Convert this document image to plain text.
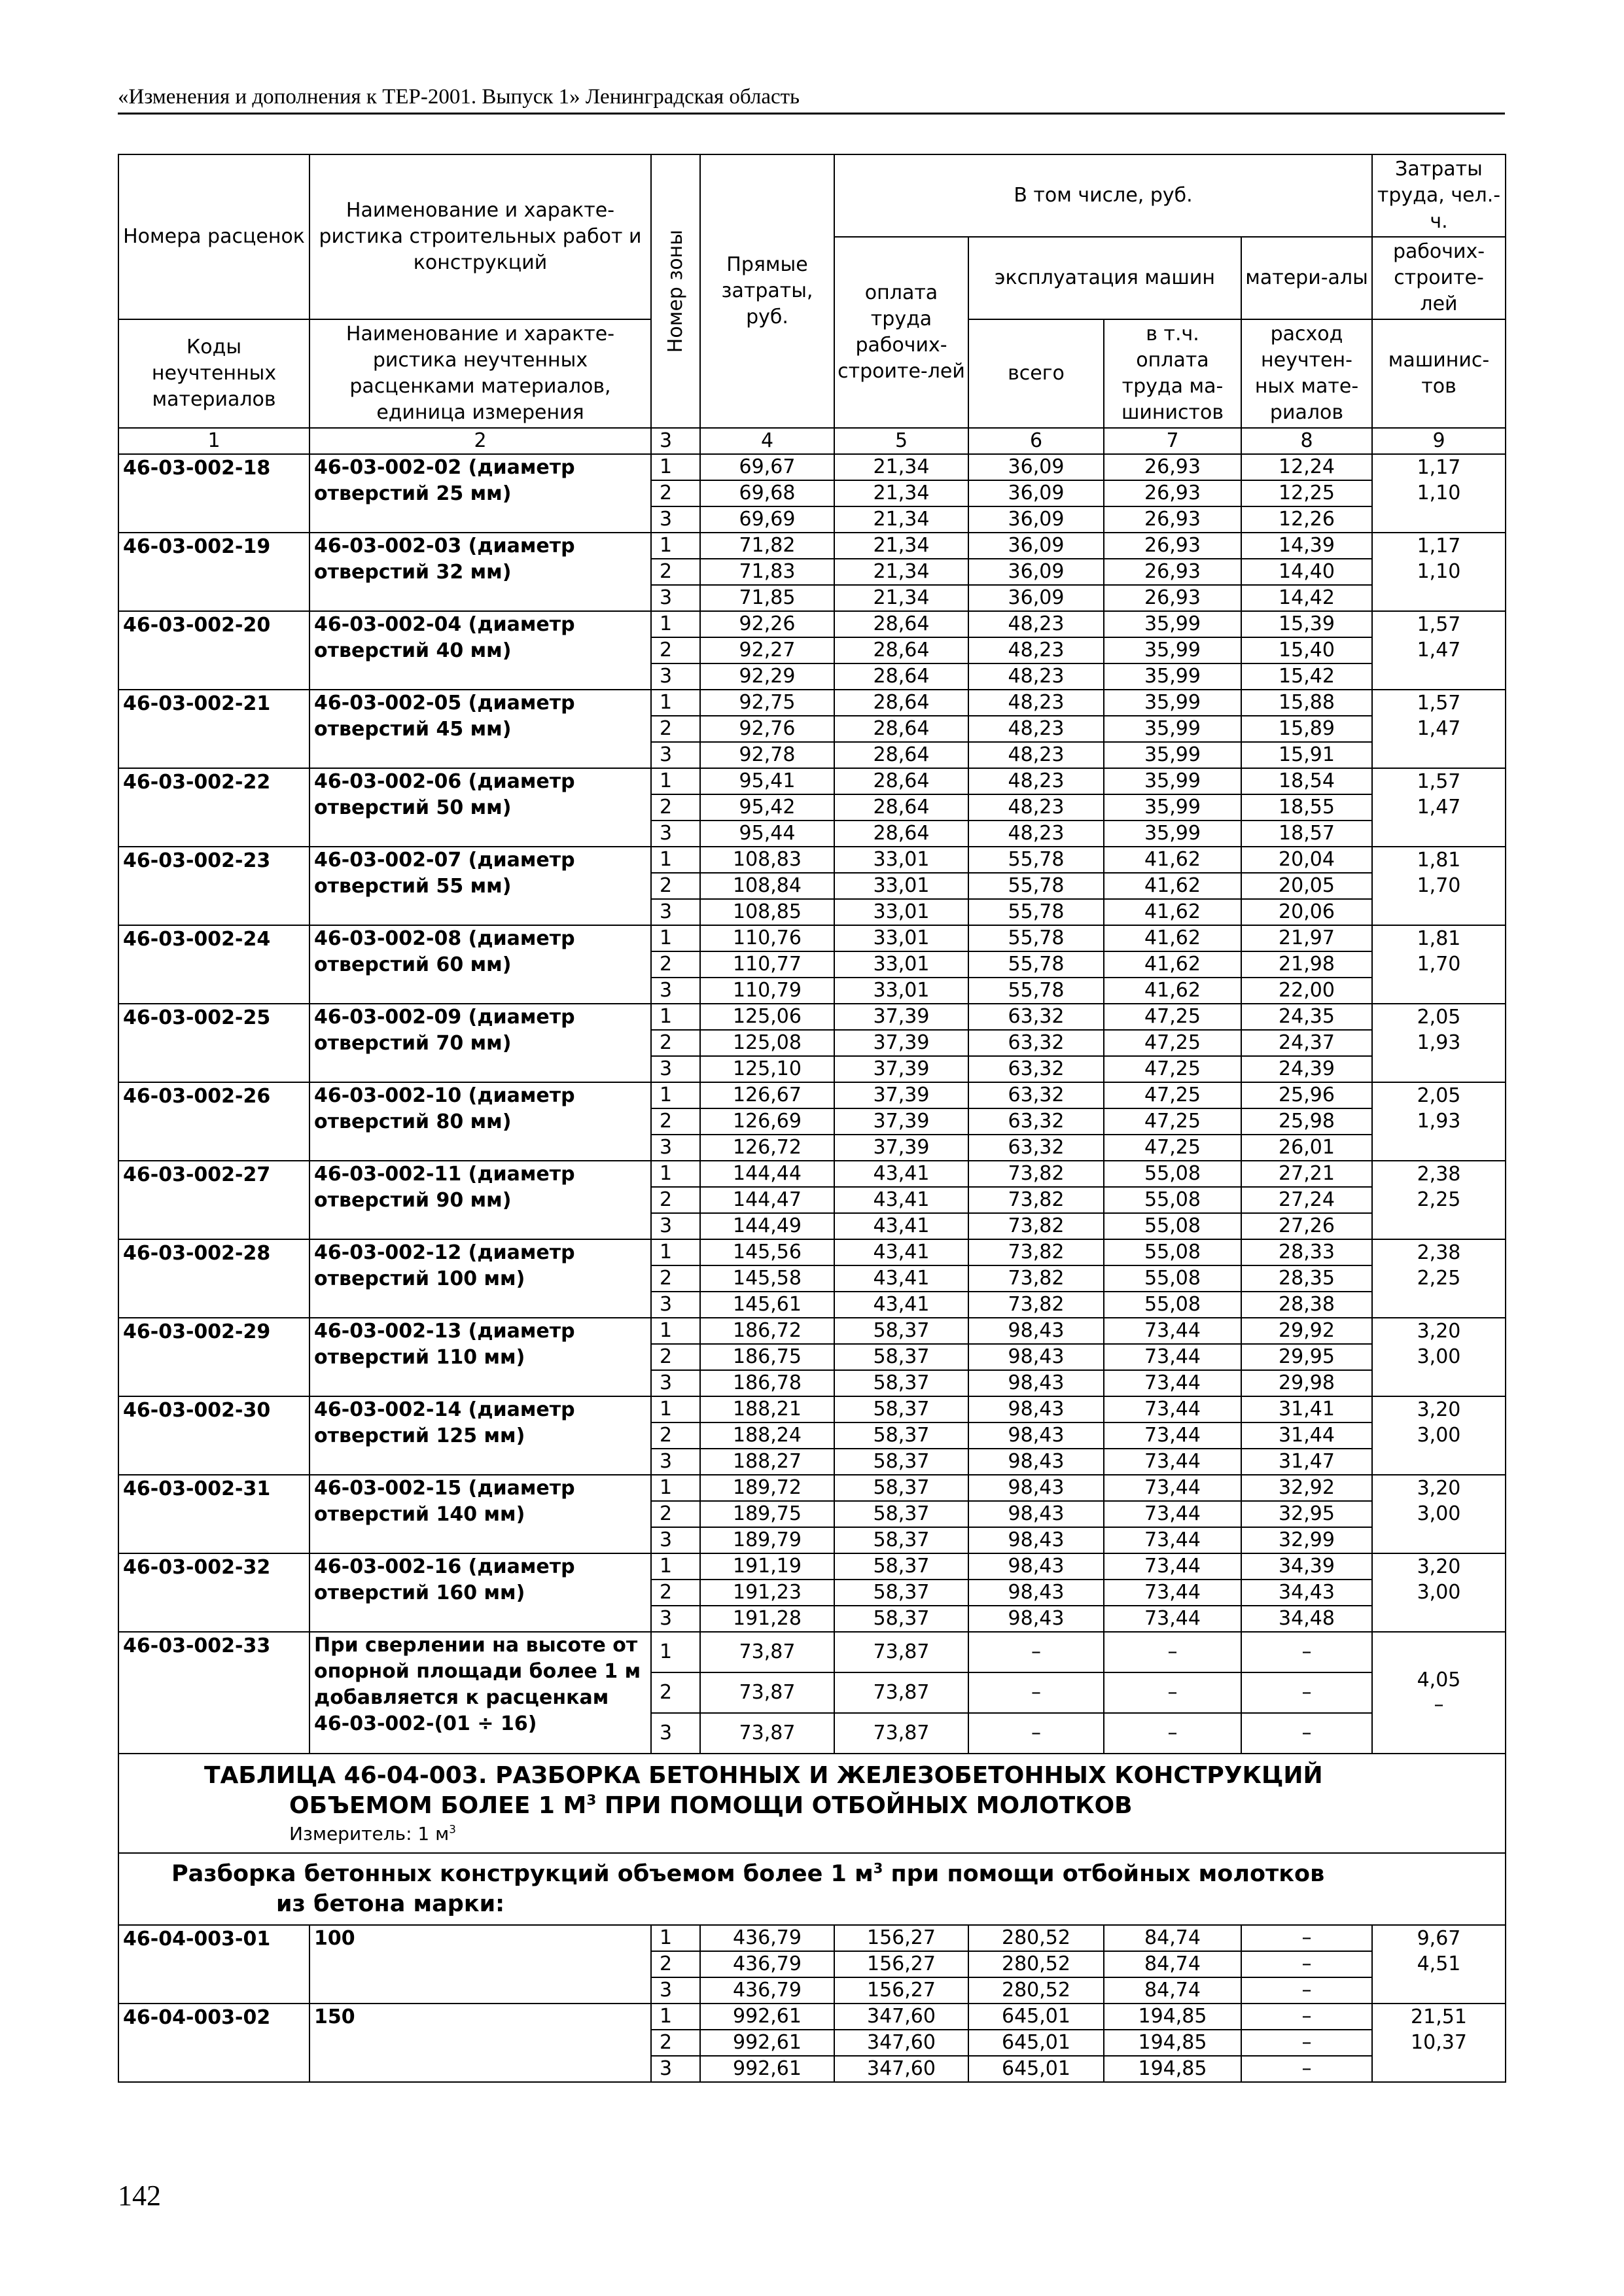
«Изменения и дополнения к ТЕР-2001. Выпуск 1» Ленинградская область
Номера расценок	Наименование и характе-ристика строительных работ и конструкций	Номер зоны	Прямые затраты, руб.	В том числе, руб.				Затраты труда, чел.-ч.
				оплата труда рабочих-строите-лей	эксплуатация машин		матери-алы	рабочих-строите-лей
Коды неучтенных материалов	Наименование и характе-ристика неучтенных расценками материалов, единица измерения				всего	в т.ч. оплата труда ма-шинистов	расход неучтен-ных мате-риалов	машинис-тов

1	2	3	4	5	6	7	8	9
46-03-002-18	46-03-002-02 (диаметр отверстий 25 мм)	1	69,67	21,34	36,09	26,93	12,24	1,17
		2	69,68	21,34	36,09	26,93	12,25	1,10
		3	69,69	21,34	36,09	26,93	12,26	
46-03-002-19	46-03-002-03 (диаметр отверстий 32 мм)	1	71,82	21,34	36,09	26,93	14,39	1,17
		2	71,83	21,34	36,09	26,93	14,40	1,10
		3	71,85	21,34	36,09	26,93	14,42	
46-03-002-20	46-03-002-04 (диаметр отверстий 40 мм)	1	92,26	28,64	48,23	35,99	15,39	1,57
		2	92,27	28,64	48,23	35,99	15,40	1,47
		3	92,29	28,64	48,23	35,99	15,42	
46-03-002-21	46-03-002-05 (диаметр отверстий 45 мм)	1	92,75	28,64	48,23	35,99	15,88	1,57
		2	92,76	28,64	48,23	35,99	15,89	1,47
		3	92,78	28,64	48,23	35,99	15,91	
46-03-002-22	46-03-002-06 (диаметр отверстий 50 мм)	1	95,41	28,64	48,23	35,99	18,54	1,57
		2	95,42	28,64	48,23	35,99	18,55	1,47
		3	95,44	28,64	48,23	35,99	18,57	
46-03-002-23	46-03-002-07 (диаметр отверстий 55 мм)	1	108,83	33,01	55,78	41,62	20,04	1,81
		2	108,84	33,01	55,78	41,62	20,05	1,70
		3	108,85	33,01	55,78	41,62	20,06	
46-03-002-24	46-03-002-08 (диаметр отверстий 60 мм)	1	110,76	33,01	55,78	41,62	21,97	1,81
		2	110,77	33,01	55,78	41,62	21,98	1,70
		3	110,79	33,01	55,78	41,62	22,00	
46-03-002-25	46-03-002-09 (диаметр отверстий 70 мм)	1	125,06	37,39	63,32	47,25	24,35	2,05
		2	125,08	37,39	63,32	47,25	24,37	1,93
		3	125,10	37,39	63,32	47,25	24,39	
46-03-002-26	46-03-002-10 (диаметр отверстий 80 мм)	1	126,67	37,39	63,32	47,25	25,96	2,05
		2	126,69	37,39	63,32	47,25	25,98	1,93
		3	126,72	37,39	63,32	47,25	26,01	
46-03-002-27	46-03-002-11 (диаметр отверстий 90 мм)	1	144,44	43,41	73,82	55,08	27,21	2,38
		2	144,47	43,41	73,82	55,08	27,24	2,25
		3	144,49	43,41	73,82	55,08	27,26	
46-03-002-28	46-03-002-12 (диаметр отверстий 100 мм)	1	145,56	43,41	73,82	55,08	28,33	2,38
		2	145,58	43,41	73,82	55,08	28,35	2,25
		3	145,61	43,41	73,82	55,08	28,38	
46-03-002-29	46-03-002-13 (диаметр отверстий 110 мм)	1	186,72	58,37	98,43	73,44	29,92	3,20
		2	186,75	58,37	98,43	73,44	29,95	3,00
		3	186,78	58,37	98,43	73,44	29,98	
46-03-002-30	46-03-002-14 (диаметр отверстий 125 мм)	1	188,21	58,37	98,43	73,44	31,41	3,20
		2	188,24	58,37	98,43	73,44	31,44	3,00
		3	188,27	58,37	98,43	73,44	31,47	
46-03-002-31	46-03-002-15 (диаметр отверстий 140 мм)	1	189,72	58,37	98,43	73,44	32,92	3,20
		2	189,75	58,37	98,43	73,44	32,95	3,00
		3	189,79	58,37	98,43	73,44	32,99	
46-03-002-32	46-03-002-16 (диаметр отверстий 160 мм)	1	191,19	58,37	98,43	73,44	34,39	3,20
		2	191,23	58,37	98,43	73,44	34,43	3,00
		3	191,28	58,37	98,43	73,44	34,48	
46-03-002-33	При сверлении на высоте от опорной площади более 1 м добавляется к расценкам 46-03-002-(01 ÷ 16)	1	73,87	73,87	–	–	–	4,05
–

		2	73,87	73,87	–	–	–	
		3	73,87	73,87	–	–	–	

ТАБЛИЦА 46-04-003. РАЗБОРКА БЕТОННЫХ И ЖЕЛЕЗОБЕТОННЫХ КОНСТРУКЦИЙ
ОБЪЕМОМ БОЛЕЕ 1 $М^3$ ПРИ ПОМОЩИ ОТБОЙНЫХ МОЛОТКОВ
Измеритель: 1 $м^3$

Разборка бетонных конструкций объемом более 1 $м^3$ при помощи отбойных молотков
из бетона марки:								

46-04-003-01	100	1	436,79	156,27	280,52	84,74	–	9,67
		2	436,79	156,27	280,52	84,74	–	4,51
		3	436,79	156,27	280,52	84,74	–	
46-04-003-02	150	1	992,61	347,60	645,01	194,85	–	21,51
		2	992,61	347,60	645,01	194,85	–	10,37
		3	992,61	347,60	645,01	194,85	–	
142
